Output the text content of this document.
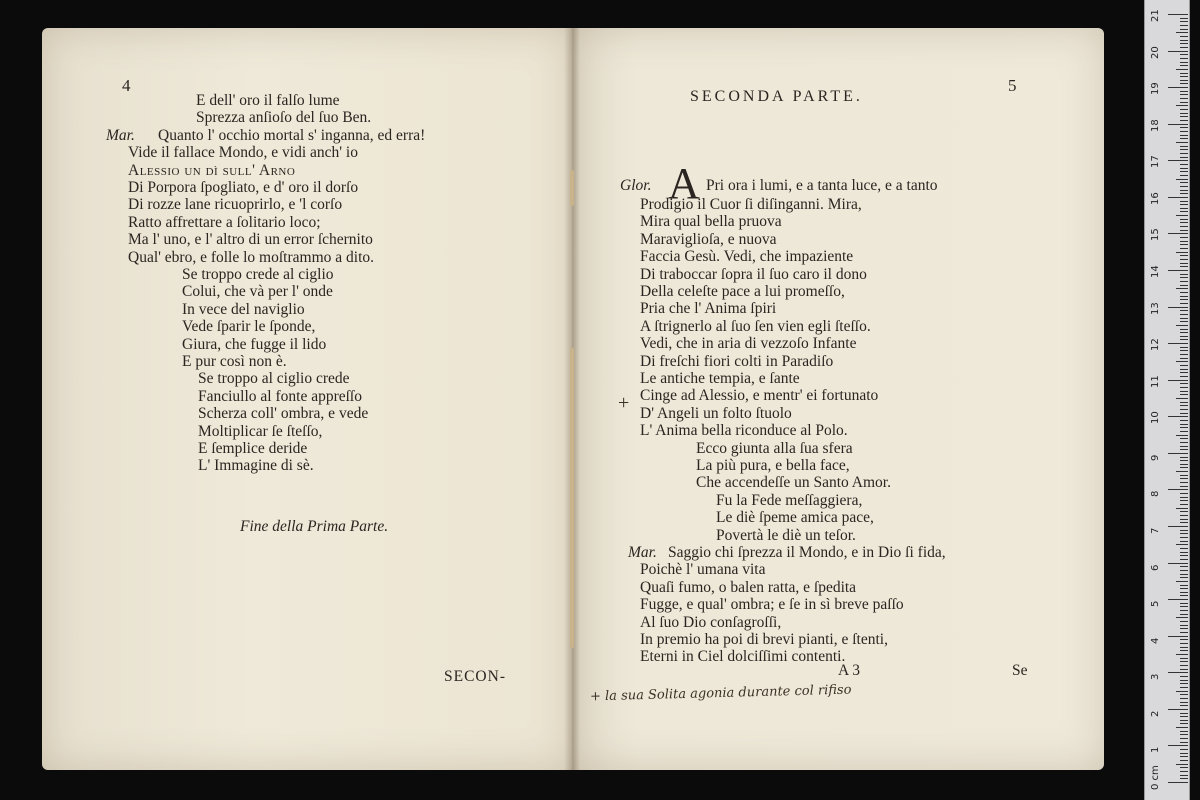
4
E dell' oro il falſo lume
Sprezza anſioſo del ſuo Ben.
Mar. Quanto l' occhio mortal s' inganna, ed erra!
Vide il fallace Mondo, e vidi anch' io
Alessio un dì ſull' Arno
Di Porpora ſpogliato, e d' oro il dorſo
Di rozze lane ricuoprirlo, e 'l corſo
Ratto affrettare a ſolitario loco;
Ma l' uno, e l' altro di un error ſchernito
Qual' ebro, e folle lo moſtrammo a dito.
Se troppo crede al ciglio
Colui, che và per l' onde
In vece del naviglio
Vede ſparir le ſponde,
Giura, che fugge il lido
E pur così non è.
Se troppo al ciglio crede
Fanciullo al fonte appreſſo
Scherza coll' ombra, e vede
Moltiplicar ſe ſteſſo,
E ſemplice deride
L' Immagine di sè.
Fine della Prima Parte.
SECON-
5
SECONDA PARTE.
Glor. A Pri ora i lumi, e a tanta luce, e a tanto
Prodigio il Cuor ſi diſinganni. Mira,
Mira qual bella pruova
Maraviglioſa, e nuova
Faccia Gesù. Vedi, che impaziente
Di traboccar ſopra il ſuo caro il dono
Della celeſte pace a lui promeſſo,
Pria che l' Anima ſpiri
A ſtrignerlo al ſuo ſen vien egli ſteſſo.
Vedi, che in aria di vezzoſo Infante
Di freſchi fiori colti in Paradiſo
Le antiche tempia, e ſante
Cinge ad Alessio, e mentr' ei fortunato
D' Angeli un folto ſtuolo
L' Anima bella riconduce al Polo.
Ecco giunta alla ſua sfera
La più pura, e bella face,
Che accendeſſe un Santo Amor.
Fu la Fede meſſaggiera,
Le diè ſpeme amica pace,
Povertà le diè un teſor.
Mar. Saggio chi ſprezza il Mondo, e in Dio ſi fida,
Poichè l' umana vita
Quaſi fumo, o balen ratta, e ſpedita
Fugge, e qual' ombra; e ſe in sì breve paſſo
Al ſuo Dio conſagroſſi,
In premio ha poi di brevi pianti, e ſtenti,
Eterni in Ciel dolciſſimi contenti.
A 3	Se
+
+ la sua Solita agonia durante col rifiso
21
20
19
18
17
16
15
14
13
12
11
10
9
8
7
6
5
4
3
2
1
0 cm
